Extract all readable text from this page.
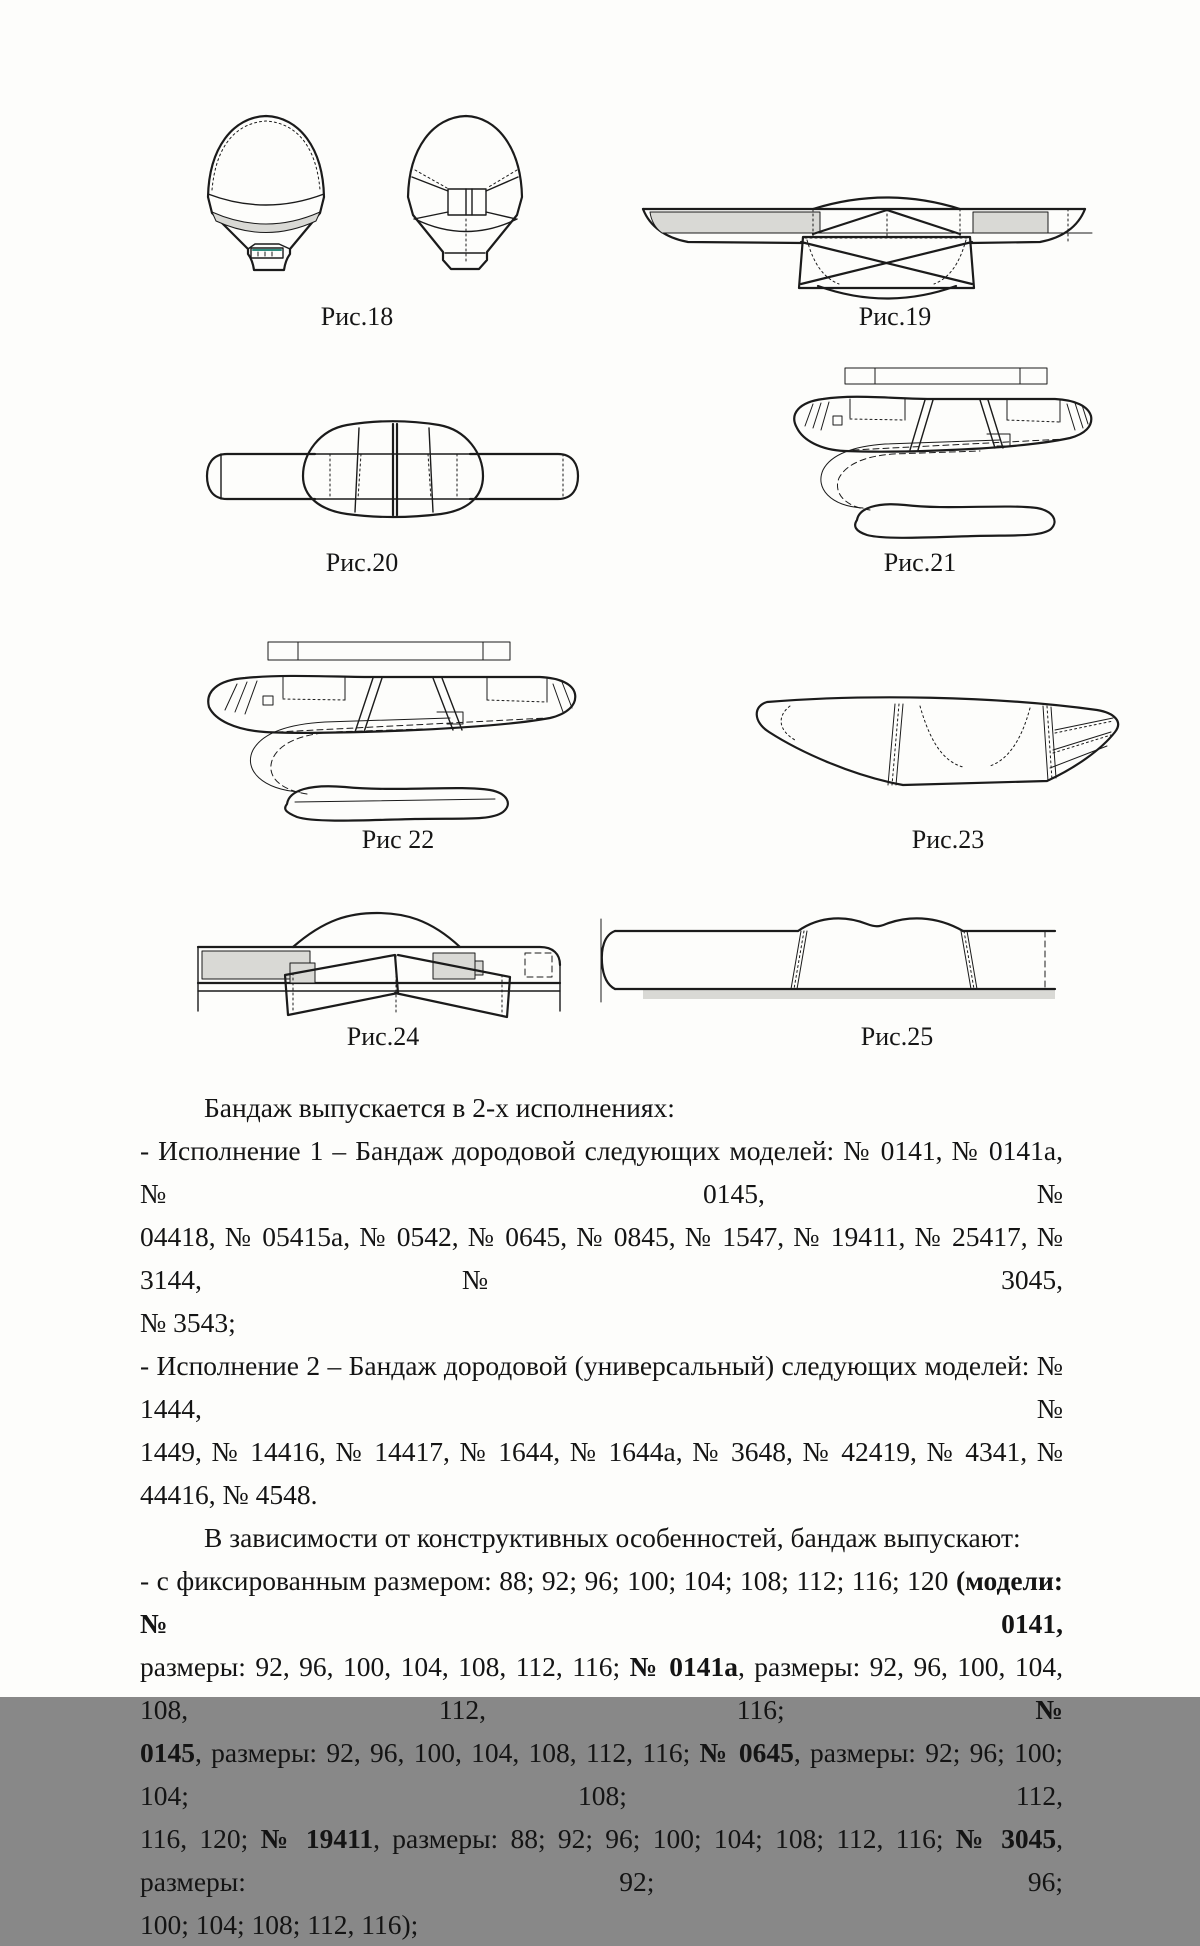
Рис.18	Рис.19
Рис.20	Рис.21
Рис 22	Рис.23
Рис.24	Рис.25
Бандаж выпускается в 2-х исполнениях:
- Исполнение 1 – Бандаж дородовой следующих моделей: № 0141, № 0141а, № 0145, №
04418, № 05415а, № 0542, № 0645, № 0845, № 1547, № 19411, № 25417, № 3144, № 3045,
№ 3543;
- Исполнение 2 – Бандаж дородовой (универсальный) следующих моделей: № 1444, №
1449, № 14416, № 14417, № 1644, № 1644а, № 3648, № 42419, № 4341, № 44416, № 4548.
В зависимости от конструктивных особенностей, бандаж выпускают:
- с фиксированным размером: 88; 92; 96; 100; 104; 108; 112; 116; 120 (модели: № 0141,
размеры: 92, 96, 100, 104, 108, 112, 116; № 0141а, размеры: 92, 96, 100, 104, 108, 112, 116; №
0145, размеры: 92, 96, 100, 104, 108, 112, 116; № 0645, размеры: 92; 96; 100; 104; 108; 112,
116, 120; № 19411, размеры: 88; 92; 96; 100; 104; 108; 112, 116; № 3045, размеры: 92; 96;
100; 104; 108; 112, 116);
